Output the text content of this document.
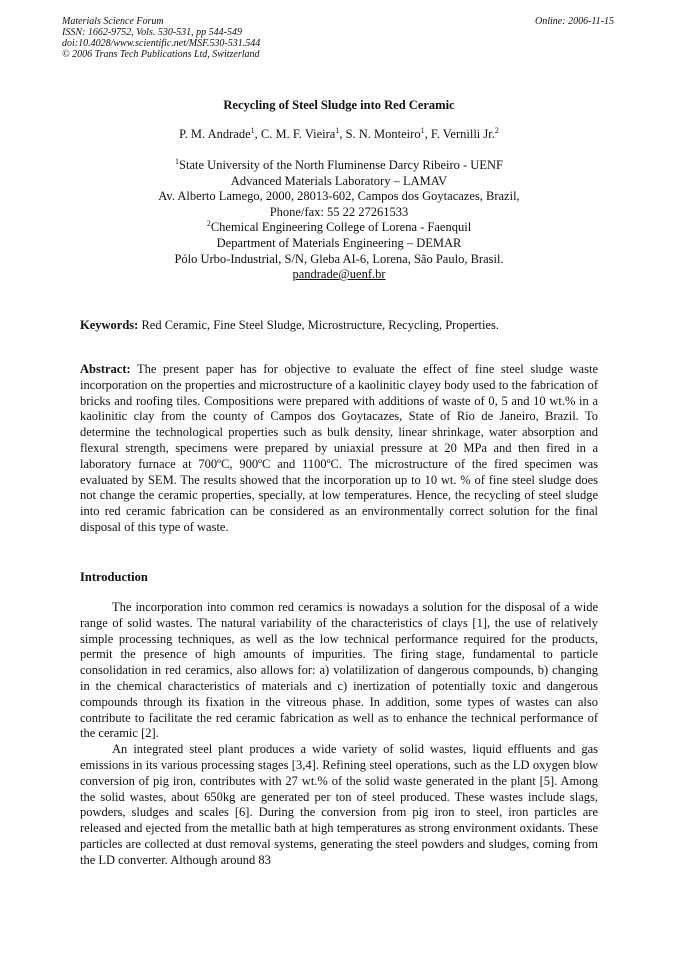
Materials Science Forum
ISSN: 1662-9752, Vols. 530-531, pp 544-549
doi:10.4028/www.scientific.net/MSF.530-531.544
© 2006 Trans Tech Publications Ltd, Switzerland
Online: 2006-11-15
Recycling of Steel Sludge into Red Ceramic
P. M. Andrade$^1$, C. M. F. Vieira$^1$, S. N. Monteiro$^1$, F. Vernilli Jr.$^2$
$^1$State University of the North Fluminense Darcy Ribeiro - UENF
Advanced Materials Laboratory – LAMAV
Av. Alberto Lamego, 2000, 28013-602, Campos dos Goytacazes, Brazil,
Phone/fax: 55 22 27261533
$^2$Chemical Engineering College of Lorena - Faenquil
Department of Materials Engineering – DEMAR
Pólo Urbo-Industrial, S/N, Gleba AI-6, Lorena, São Paulo, Brasil.
pandrade@uenf.br
Keywords: Red Ceramic, Fine Steel Sludge, Microstructure, Recycling, Properties.
Abstract: The present paper has for objective to evaluate the effect of fine steel sludge waste incorporation on the properties and microstructure of a kaolinitic clayey body used to the fabrication of bricks and roofing tiles. Compositions were prepared with additions of waste of 0, 5 and 10 wt.% in a kaolinitic clay from the county of Campos dos Goytacazes, State of Rio de Janeiro, Brazil. To determine the technological properties such as bulk density, linear shrinkage, water absorption and flexural strength, specimens were prepared by uniaxial pressure at 20 MPa and then fired in a laboratory furnace at 700ºC, 900ºC and 1100ºC. The microstructure of the fired specimen was evaluated by SEM. The results showed that the incorporation up to 10 wt. % of fine steel sludge does not change the ceramic properties, specially, at low temperatures. Hence, the recycling of steel sludge into red ceramic fabrication can be considered as an environmentally correct solution for the final disposal of this type of waste.
Introduction

The incorporation into common red ceramics is nowadays a solution for the disposal of a wide range of solid wastes. The natural variability of the characteristics of clays [1], the use of relatively simple processing techniques, as well as the low technical performance required for the products, permit the presence of high amounts of impurities. The firing stage, fundamental to particle consolidation in red ceramics, also allows for: a) volatilization of dangerous compounds, b) changing in the chemical characteristics of materials and c) inertization of potentially toxic and dangerous compounds through its fixation in the vitreous phase. In addition, some types of wastes can also contribute to facilitate the red ceramic fabrication as well as to enhance the technical performance of the ceramic [2].

An integrated steel plant produces a wide variety of solid wastes, liquid effluents and gas emissions in its various processing stages [3,4]. Refining steel operations, such as the LD oxygen blow conversion of pig iron, contributes with 27 wt.% of the solid waste generated in the plant [5]. Among the solid wastes, about 650kg are generated per ton of steel produced. These wastes include slags, powders, sludges and scales [6]. During the conversion from pig iron to steel, iron particles are released and ejected from the metallic bath at high temperatures as strong environment oxidants. These particles are collected at dust removal systems, generating the steel powders and sludges, coming from the LD converter. Although around 83
